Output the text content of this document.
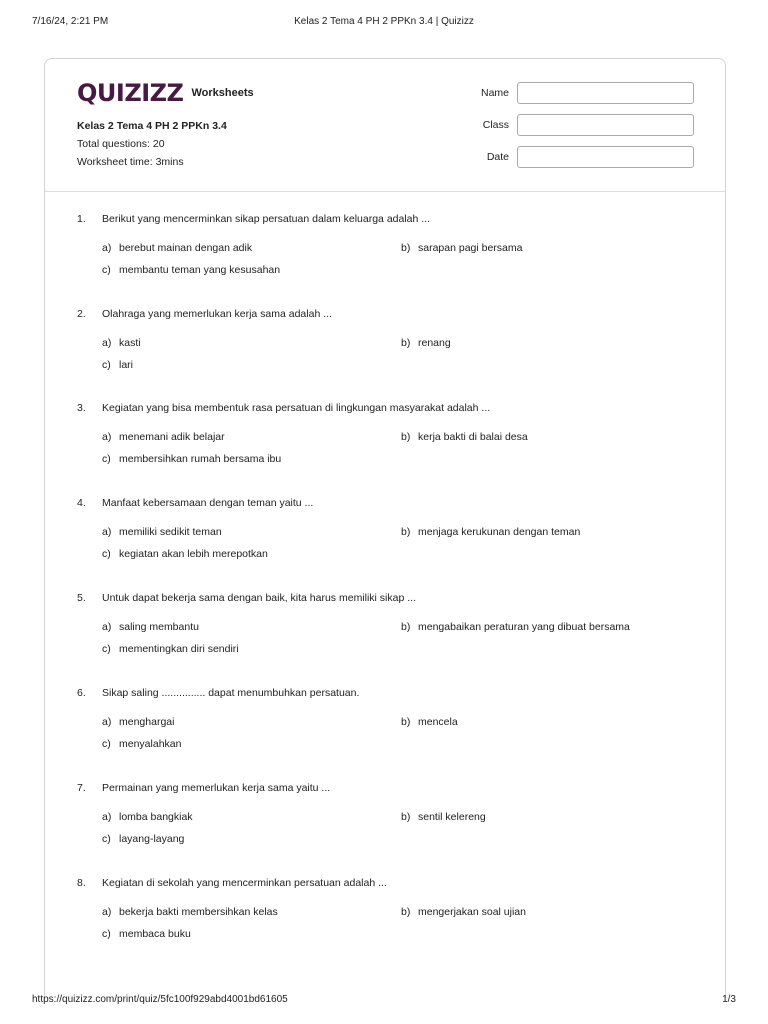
7/16/24, 2:21 PM	Kelas 2 Tema 4 PH 2 PPKn 3.4 | Quizizz
QUIZIZZ Worksheets
Kelas 2 Tema 4 PH 2 PPKn 3.4
Total questions: 20
Worksheet time: 3mins
Name
Class
Date
1.	Berikut yang mencerminkan sikap persatuan dalam keluarga adalah ...
a) berebut mainan dengan adik	b) sarapan pagi bersama
c) membantu teman yang kesusahan
2.	Olahraga yang memerlukan kerja sama adalah ...
a) kasti	b) renang
c) lari
3.	Kegiatan yang bisa membentuk rasa persatuan di lingkungan masyarakat adalah ...
a) menemani adik belajar	b) kerja bakti di balai desa
c) membersihkan rumah bersama ibu
4.	Manfaat kebersamaan dengan teman yaitu ...
a) memiliki sedikit teman	b) menjaga kerukunan dengan teman
c) kegiatan akan lebih merepotkan
5.	Untuk dapat bekerja sama dengan baik, kita harus memiliki sikap ...
a) saling membantu	b) mengabaikan peraturan yang dibuat bersama
c) mementingkan diri sendiri
6.	Sikap saling ............... dapat menumbuhkan persatuan.
a) menghargai	b) mencela
c) menyalahkan
7.	Permainan yang memerlukan kerja sama yaitu ...
a) lomba bangkiak	b) sentil kelereng
c) layang-layang
8.	Kegiatan di sekolah yang mencerminkan persatuan adalah ...
a) bekerja bakti membersihkan kelas	b) mengerjakan soal ujian
c) membaca buku
https://quizizz.com/print/quiz/5fc100f929abd4001bd61605	1/3
